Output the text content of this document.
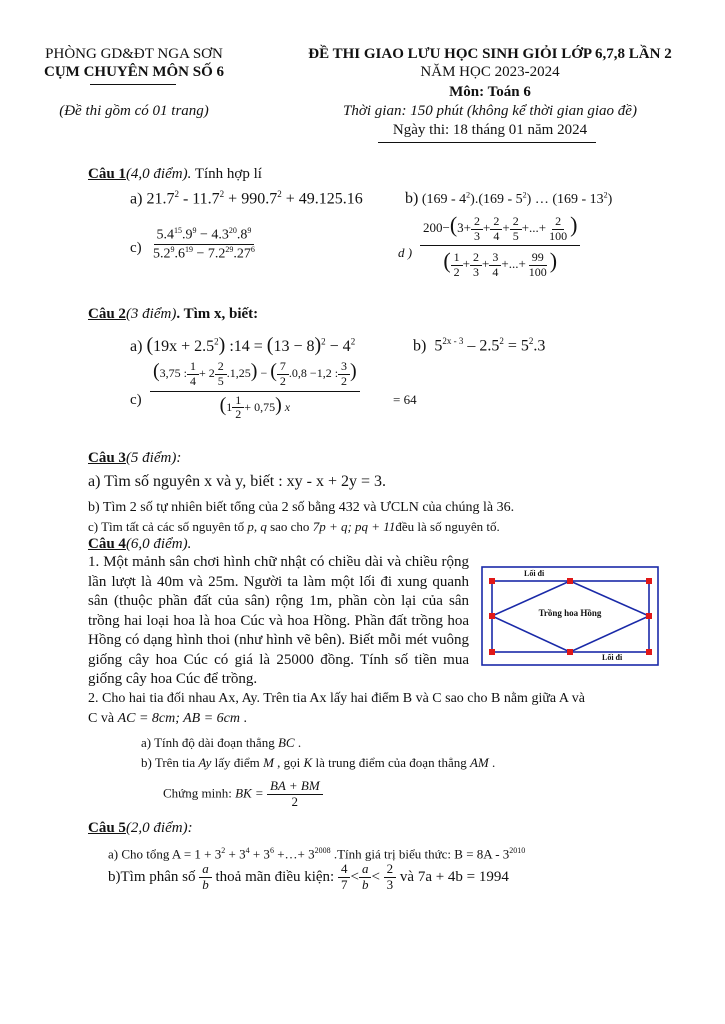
PHÒNG GD&ĐT NGA SƠN
CỤM CHUYÊN MÔN SỐ 6
(Đề thi gồm có 01 trang)
ĐỀ THI GIAO LƯU HỌC SINH GIỎI LỚP 6,7,8 LẦN 2
NĂM HỌC 2023-2024
Môn: Toán 6
Thời gian: 150 phút (không kể thời gian giao đề)
Ngày thi: 18 tháng 01 năm 2024
Câu 1(4,0 điểm). Tính hợp lí
a) $21.7^2 - 11.7^2 + 990.7^2 + 49.125.16$	b) $(169 - 4^2).(169 - 5^2)$ … $(169 - 13^2)$
$c) \frac{5.4^{15}.9^9 - 4.3^{20}.8^9}{5.2^9.6^{19} - 7.2^{29}.27^6}$	d ) $\frac{200-(3+ \frac{2}{3} + \frac{2}{4} + \frac{2}{5} +...+ \frac{2}{100} )}{( \frac{1}{2} + \frac{2}{3} + \frac{3}{4} +...+ \frac{99}{100} )}$
Câu 2(3 điểm). Tìm x, biết:
a) $(19x + 2.5^2)$ :14 = $(13 - 8)^2 - 4^2$	b)  $5^{2x - 3} - 2.5^2 = 5^2.3$
$c) \frac{(3,75 : \frac{1}{4} + 2 \frac{2}{5} .1,25) - ( \frac{7}{2} .0,8 -1,2 : \frac{3}{2} )}{(1 \frac{1}{2} + 0,75) x}$	= 64
Câu 3(5 điểm):
a) Tìm số nguyên x và y, biết : xy - x + 2y = 3.
b) Tìm 2 số tự nhiên biết tổng của 2 số bằng 432 và ƯCLN của chúng là 36.
c) Tìm tất cả các số nguyên tố p, q sao cho 7p + q; pq + 11đều là số nguyên tố.
Câu 4(6,0 điểm).
1. Một mảnh sân chơi hình chữ nhật có chiều dài và chiều rộng lần lượt là 40m và 25m. Người ta làm một lối đi xung quanh sân (thuộc phần đất của sân) rộng 1m, phần còn lại của sân trồng hai loại hoa là hoa Cúc và hoa Hồng. Phần đất trồng hoa Hồng có dạng hình thoi (như hình vẽ bên). Biết mỗi mét vuông giống cây hoa Cúc có giá là 25000 đồng. Tính số tiền mua giống cây hoa Cúc để trồng.
Lối đi
Trồng hoa Hồng
Lối đi
2. Cho hai tia đối nhau Ax, Ay. Trên tia Ax lấy hai điểm B và C sao cho B nằm giữa A và
C và AC = 8cm; AB = 6cm .
a) Tính độ dài đoạn thẳng BC .
b) Trên tia Ay lấy điểm M , gọi K là trung điểm của đoạn thẳng AM .
Chứng minh: BK = $\frac{BA + BM}{2}$
Câu 5(2,0 điểm):
a) Cho tổng $A = 1 + 3^2 + 3^4 + 3^6$ +…+ $3^{2008}$ .Tính giá trị biểu thức: $B = 8A - 3^{2010}$
b)Tìm phân số $\frac{a}{b}$ thoả mãn điều kiện: $\frac{4}{7} < \frac{a}{b} < \frac{2}{3}$ và 7a + 4b = 1994
